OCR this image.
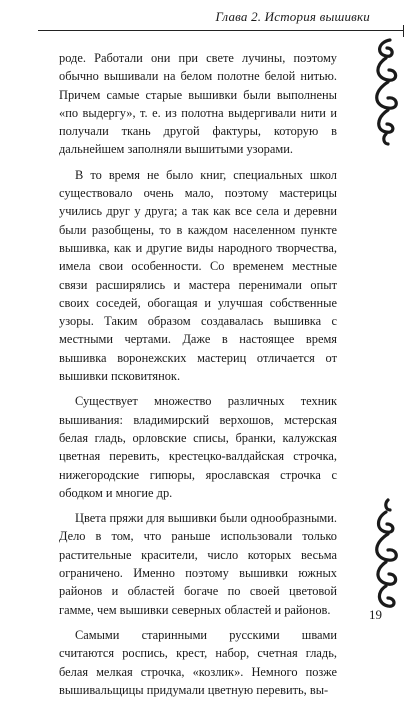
Глава 2. История вышивки

роде. Работали они при свете лучины, поэтому обычно вышивали на белом полотне белой нитью. Причем самые старые вышивки были выполнены «по выдергу», т. е. из полотна выдергивали нити и получали ткань другой фактуры, которую в дальнейшем заполняли вышитыми узорами.

В то время не было книг, специальных школ существовало очень мало, поэтому мастерицы учились друг у друга; а так как все села и деревни были разобщены, то в каждом населенном пункте вышивка, как и другие виды народного творчества, имела свои особенности. Со временем местные связи расширялись и мастера перенимали опыт своих соседей, обогащая и улучшая собственные узоры. Таким образом создавалась вышивка с местными чертами. Даже в настоящее время вышивка воронежских мастериц отличается от вышивки псковитянок.

Существует множество различных техник вышивания: владимирский верхошов, мстерская белая гладь, орловские списы, бранки, калужская цветная перевить, крестецко-валдайская строчка, нижегородские гипюры, ярославская строчка с ободком и многие др.

Цвета пряжи для вышивки были однообразными. Дело в том, что раньше использовали только растительные красители, число которых весьма ограничено. Именно поэтому вышивки южных районов и областей богаче по своей цветовой гамме, чем вышивки северных областей и районов.

Самыми старинными русскими швами считаются роспись, крест, набор, счетная гладь, белая мелкая строчка, «козлик». Немного позже вышивальщицы придумали цветную перевить, вы-

19
